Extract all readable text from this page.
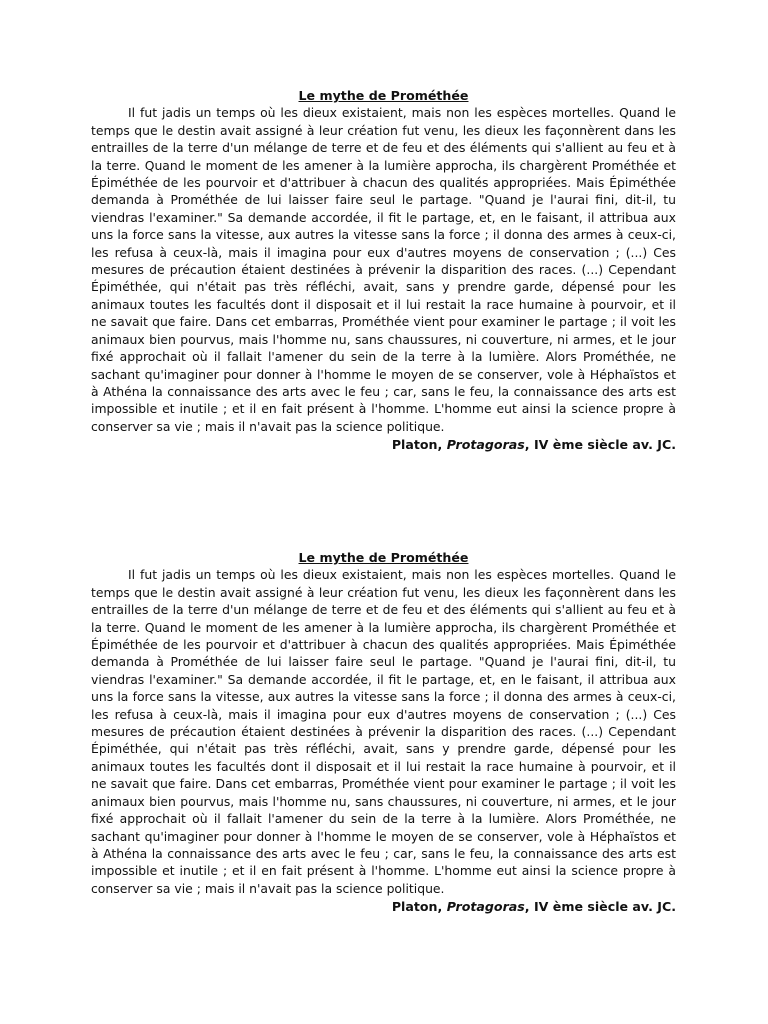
Le mythe de Prométhée

Il fut jadis un temps où les dieux existaient, mais non les espèces mortelles. Quand le temps que le destin avait assigné à leur création fut venu, les dieux les façonnèrent dans les entrailles de la terre d'un mélange de terre et de feu et des éléments qui s'allient au feu et à la terre. Quand le moment de les amener à la lumière approcha, ils chargèrent Prométhée et Épiméthée de les pourvoir et d'attribuer à chacun des qualités appropriées. Mais Épiméthée demanda à Prométhée de lui laisser faire seul le partage. "Quand je l'aurai fini, dit-il, tu viendras l'examiner." Sa demande accordée, il fit le partage, et, en le faisant, il attribua aux uns la force sans la vitesse, aux autres la vitesse sans la force ; il donna des armes à ceux-ci, les refusa à ceux-là, mais il imagina pour eux d'autres moyens de conservation ; (...) Ces mesures de précaution étaient destinées à prévenir la disparition des races. (...) Cependant Épiméthée, qui n'était pas très réfléchi, avait, sans y prendre garde, dépensé pour les animaux toutes les facultés dont il disposait et il lui restait la race humaine à pourvoir, et il ne savait que faire. Dans cet embarras, Prométhée vient pour examiner le partage ; il voit les animaux bien pourvus, mais l'homme nu, sans chaussures, ni couverture, ni armes, et le jour fixé approchait où il fallait l'amener du sein de la terre à la lumière. Alors Prométhée, ne sachant qu'imaginer pour donner à l'homme le moyen de se conserver, vole à Héphaïstos et à Athéna la connaissance des arts avec le feu ; car, sans le feu, la connaissance des arts est impossible et inutile ; et il en fait présent à l'homme. L'homme eut ainsi la science propre à conserver sa vie ; mais il n'avait pas la science politique.

Platon, Protagoras, IV ème siècle av. JC.

Le mythe de Prométhée

Il fut jadis un temps où les dieux existaient, mais non les espèces mortelles. Quand le temps que le destin avait assigné à leur création fut venu, les dieux les façonnèrent dans les entrailles de la terre d'un mélange de terre et de feu et des éléments qui s'allient au feu et à la terre. Quand le moment de les amener à la lumière approcha, ils chargèrent Prométhée et Épiméthée de les pourvoir et d'attribuer à chacun des qualités appropriées. Mais Épiméthée demanda à Prométhée de lui laisser faire seul le partage. "Quand je l'aurai fini, dit-il, tu viendras l'examiner." Sa demande accordée, il fit le partage, et, en le faisant, il attribua aux uns la force sans la vitesse, aux autres la vitesse sans la force ; il donna des armes à ceux-ci, les refusa à ceux-là, mais il imagina pour eux d'autres moyens de conservation ; (...) Ces mesures de précaution étaient destinées à prévenir la disparition des races. (...) Cependant Épiméthée, qui n'était pas très réfléchi, avait, sans y prendre garde, dépensé pour les animaux toutes les facultés dont il disposait et il lui restait la race humaine à pourvoir, et il ne savait que faire. Dans cet embarras, Prométhée vient pour examiner le partage ; il voit les animaux bien pourvus, mais l'homme nu, sans chaussures, ni couverture, ni armes, et le jour fixé approchait où il fallait l'amener du sein de la terre à la lumière. Alors Prométhée, ne sachant qu'imaginer pour donner à l'homme le moyen de se conserver, vole à Héphaïstos et à Athéna la connaissance des arts avec le feu ; car, sans le feu, la connaissance des arts est impossible et inutile ; et il en fait présent à l'homme. L'homme eut ainsi la science propre à conserver sa vie ; mais il n'avait pas la science politique.

Platon, Protagoras, IV ème siècle av. JC.
